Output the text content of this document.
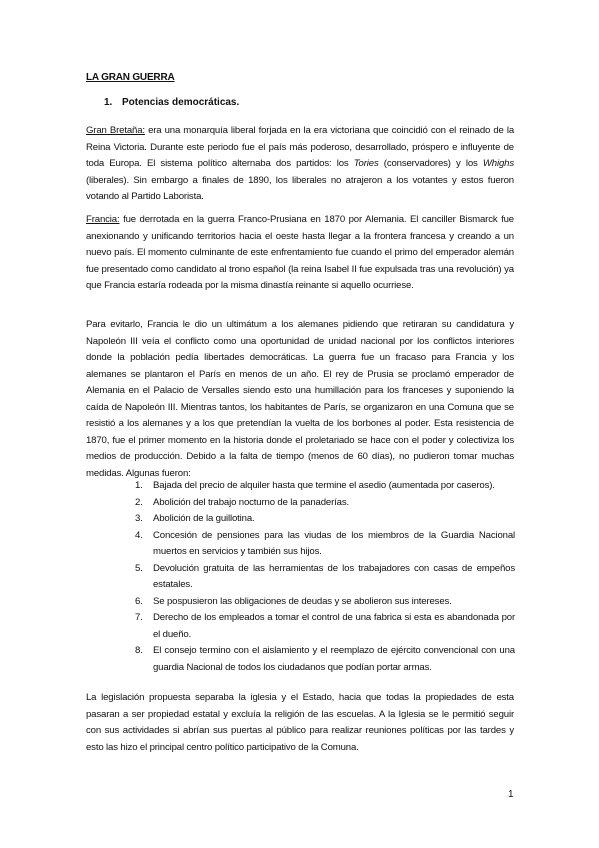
LA GRAN GUERRA
1. Potencias democráticas.

Gran Bretaña: era una monarquía liberal forjada en la era victoriana que coincidió con el reinado de la Reina Victoria. Durante este periodo fue el país más poderoso, desarrollado, próspero e influyente de toda Europa. El sistema político alternaba dos partidos: los Tories (conservadores) y los Whighs (liberales). Sin embargo a finales de 1890, los liberales no atrajeron a los votantes y estos fueron votando al Partido Laborista.

Francia: fue derrotada en la guerra Franco-Prusiana en 1870 por Alemania. El canciller Bismarck fue anexionando y unificando territorios hacia el oeste hasta llegar a la frontera francesa y creando a un nuevo país. El momento culminante de este enfrentamiento fue cuando el primo del emperador alemán fue presentado como candidato al trono español (la reina Isabel II fue expulsada tras una revolución) ya que Francia estaría rodeada por la misma dinastía reinante si aquello ocurriese.

Para evitarlo, Francia le dio un ultimátum a los alemanes pidiendo que retiraran su candidatura y Napoleón III veía el conflicto como una oportunidad de unidad nacional por los conflictos interiores donde la población pedía libertades democráticas. La guerra fue un fracaso para Francia y los alemanes se plantaron el París en menos de un año. El rey de Prusia se proclamó emperador de Alemania en el Palacio de Versalles siendo esto una humillación para los franceses y suponiendo la caída de Napoleón III. Mientras tantos, los habitantes de París, se organizaron en una Comuna que se resistió a los alemanes y a los que pretendían la vuelta de los borbones al poder. Esta resistencia de 1870, fue el primer momento en la historia donde el proletariado se hace con el poder y colectiviza los medios de producción. Debido a la falta de tiempo (menos de 60 días), no pudieron tomar muchas medidas. Algunas fueron:

1. Bajada del precio de alquiler hasta que termine el asedio (aumentada por caseros).
2. Abolición del trabajo nocturno de la panaderías.
3. Abolición de la guillotina.
4. Concesión de pensiones para las viudas de los miembros de la Guardia Nacional muertos en servicios y también sus hijos.
5. Devolución gratuita de las herramientas de los trabajadores con casas de empeños estatales.
6. Se pospusieron las obligaciones de deudas y se abolieron sus intereses.
7. Derecho de los empleados a tomar el control de una fabrica si esta es abandonada por el dueño.
8. El consejo termino con el aislamiento y el reemplazo de ejército convencional con una guardia Nacional de todos los ciudadanos que podían portar armas.

La legislación propuesta separaba la iglesia y el Estado, hacia que todas la propiedades de esta pasaran a ser propiedad estatal y excluía la religión de las escuelas. A la Iglesia se le permitió seguir con sus actividades si abrían sus puertas al público para realizar reuniones políticas por las tardes y esto las hizo el principal centro político participativo de la Comuna.

1
